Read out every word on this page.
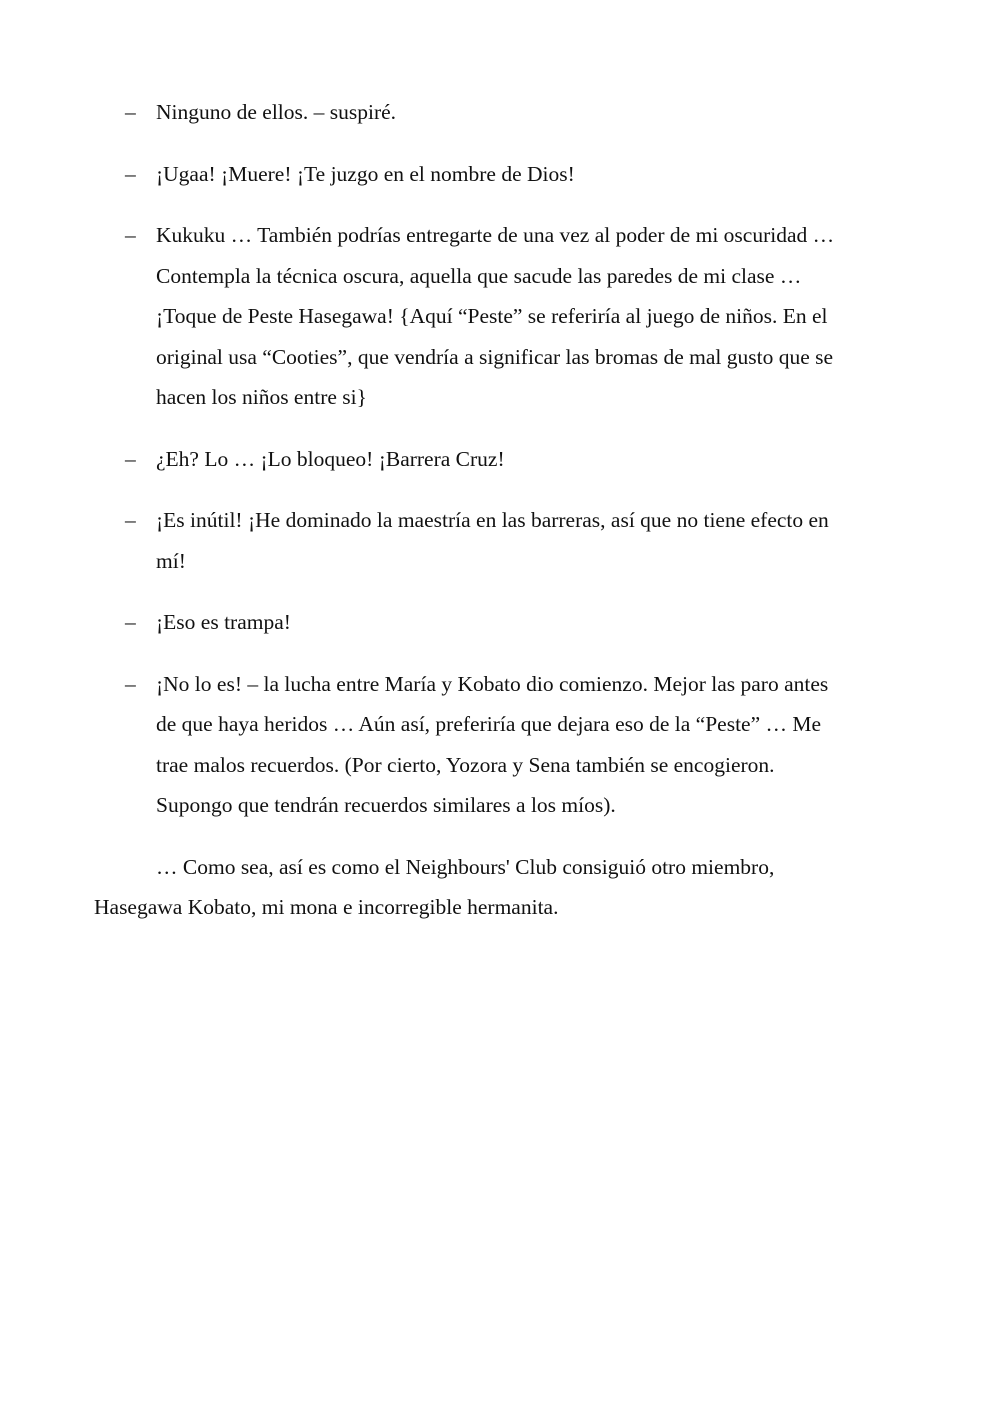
– Ninguno de ellos. – suspiré.
– ¡Ugaa! ¡Muere! ¡Te juzgo en el nombre de Dios!
– Kukuku … También podrías entregarte de una vez al poder de mi oscuridad …
Contempla la técnica oscura, aquella que sacude las paredes de mi clase …
¡Toque de Peste Hasegawa! {Aquí “Peste” se referiría al juego de niños. En el
original usa “Cooties”, que vendría a significar las bromas de mal gusto que se
hacen los niños entre si}
– ¿Eh? Lo … ¡Lo bloqueo! ¡Barrera Cruz!
– ¡Es inútil! ¡He dominado la maestría en las barreras, así que no tiene efecto en
mí!
– ¡Eso es trampa!
– ¡No lo es! – la lucha entre María y Kobato dio comienzo. Mejor las paro antes
de que haya heridos … Aún así, preferiría que dejara eso de la “Peste” … Me
trae malos recuerdos. (Por cierto, Yozora y Sena también se encogieron.
Supongo que tendrán recuerdos similares a los míos).

… Como sea, así es como el Neighbours' Club consiguió otro miembro,
Hasegawa Kobato, mi mona e incorregible hermanita.
